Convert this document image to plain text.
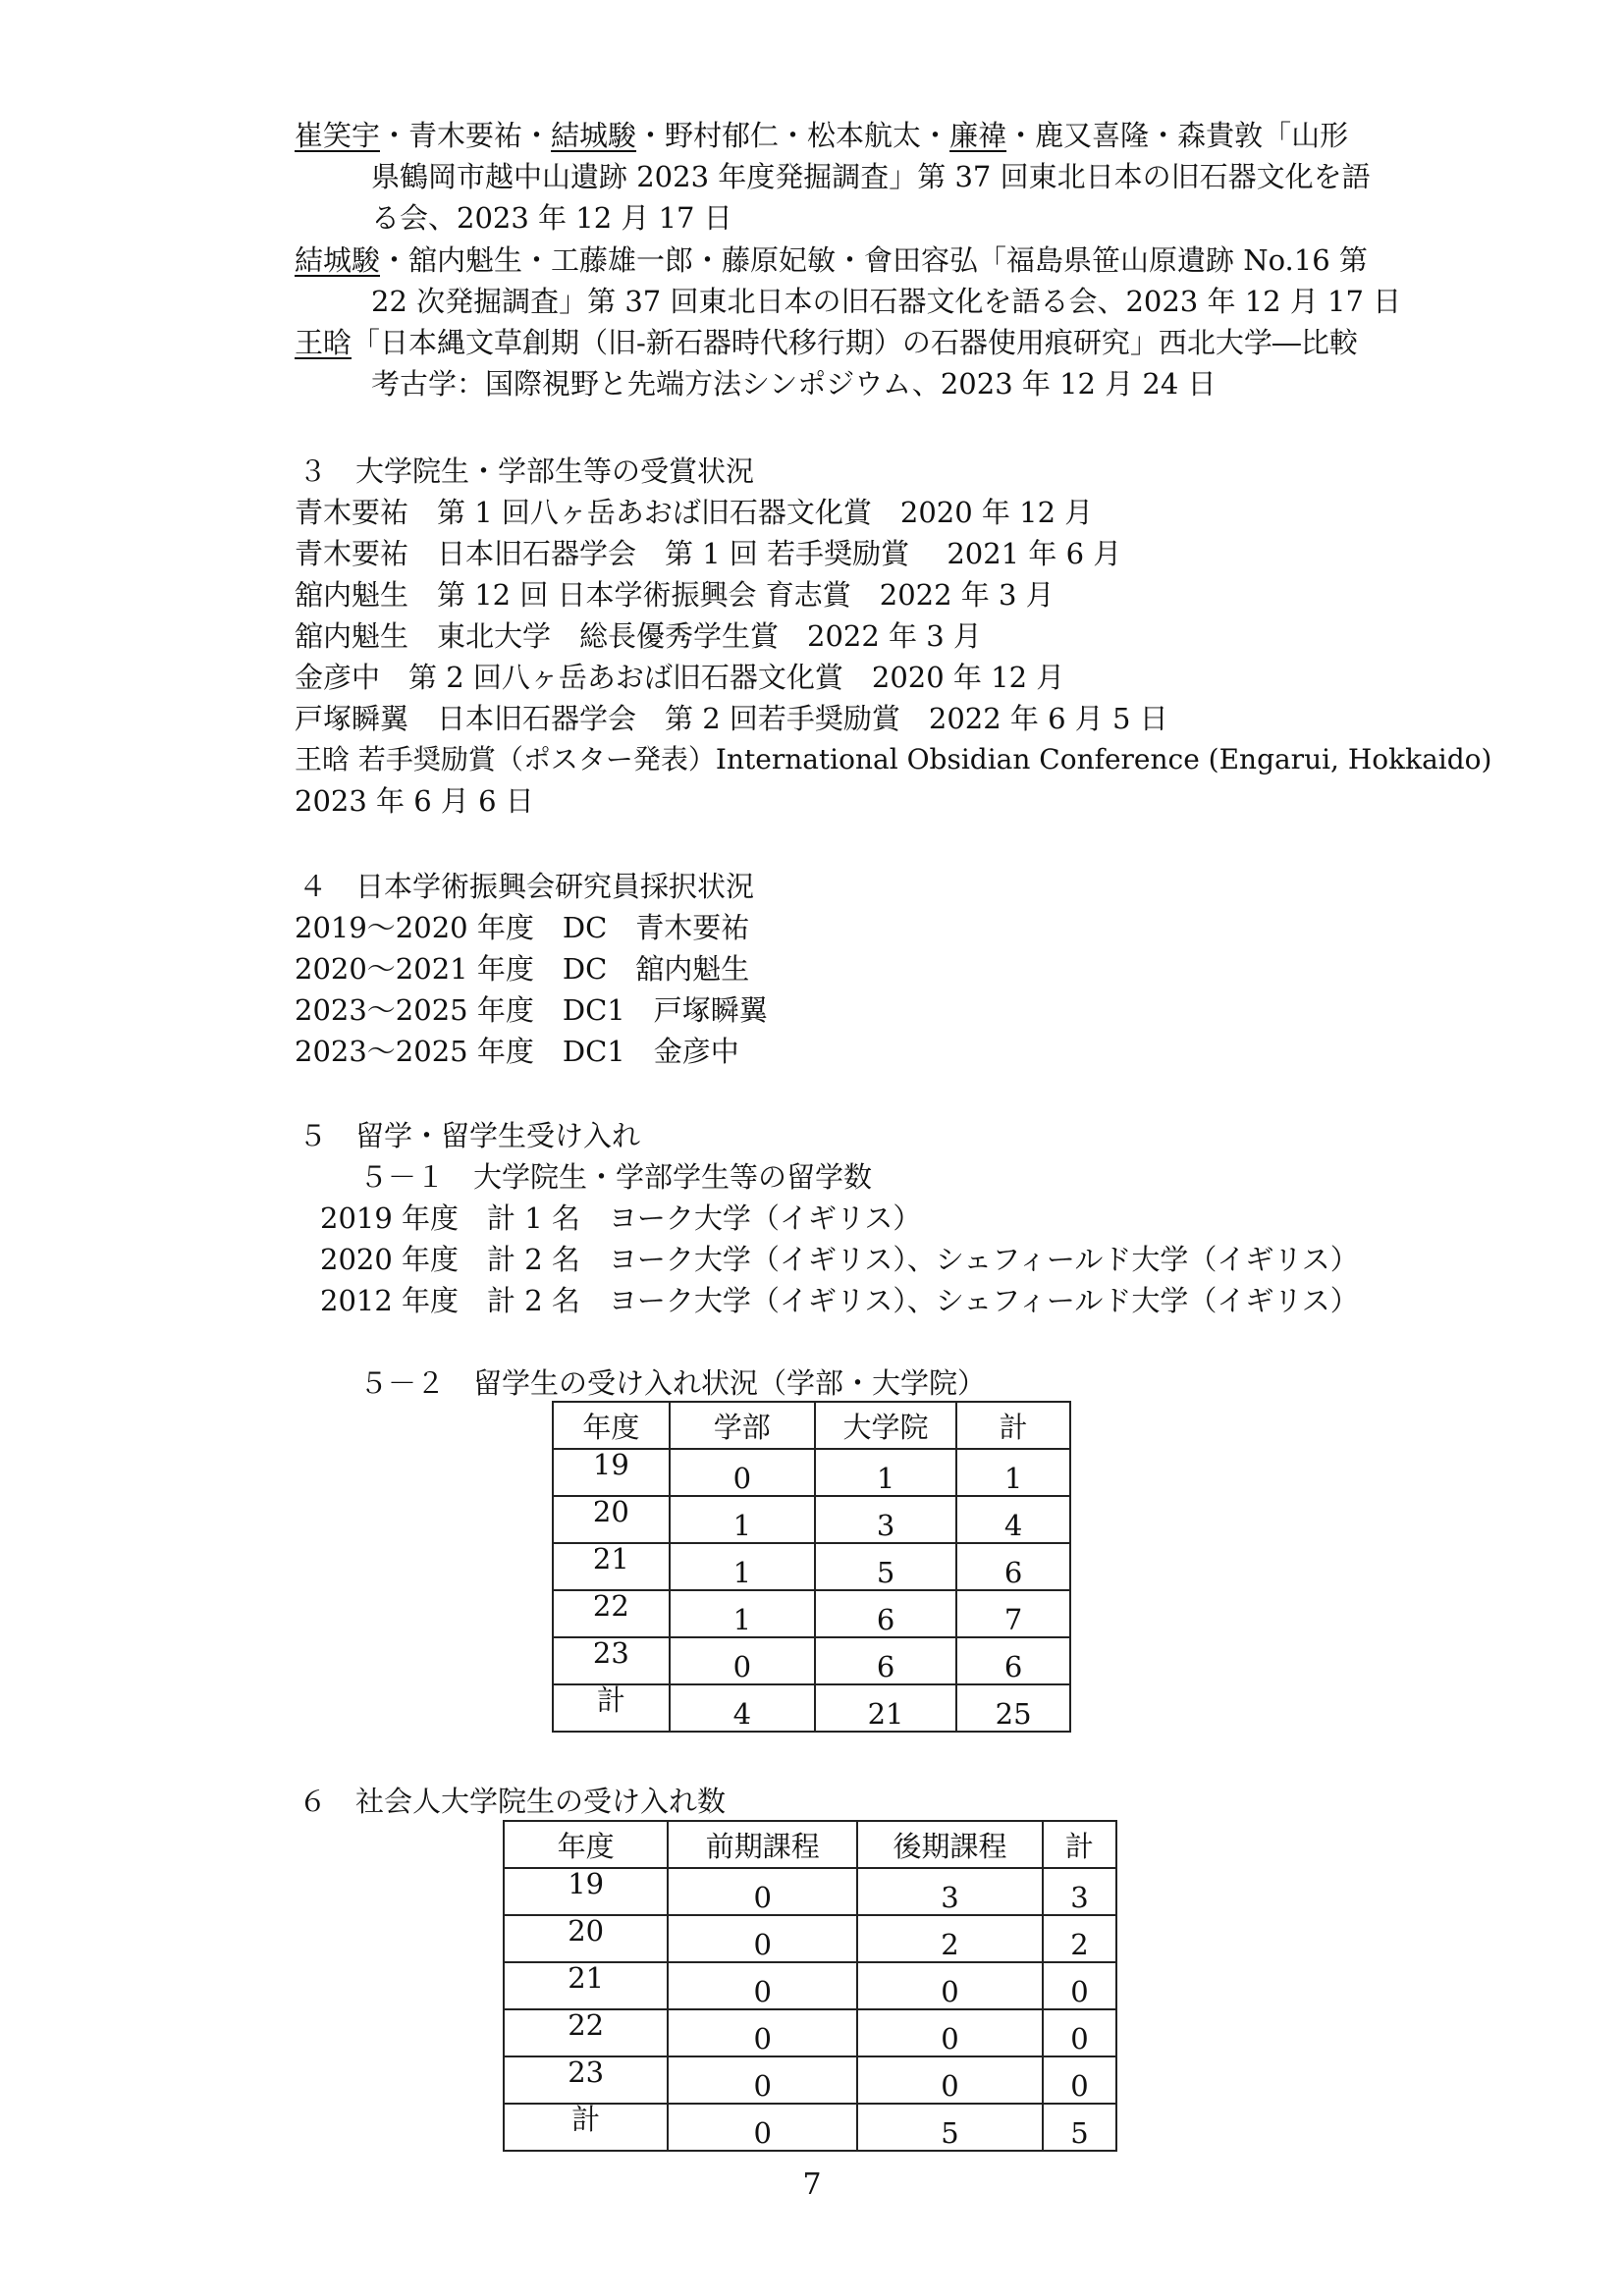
崔笑宇・青木要祐・結城駿・野村郁仁・松本航太・廉禕・鹿又喜隆・森貴敦「山形
県鶴岡市越中山遺跡 2023 年度発掘調査」第 37 回東北日本の旧石器文化を語
る会、2023 年 12 月 17 日
結城駿・舘内魁生・工藤雄一郎・藤原妃敏・會田容弘「福島県笹山原遺跡 No.16 第
22 次発掘調査」第 37 回東北日本の旧石器文化を語る会、2023 年 12 月 17 日
王晗「日本縄文草創期（旧-新石器時代移行期）の石器使用痕研究」西北大学―比較
考古学：国際視野と先端方法シンポジウム、2023 年 12 月 24 日
３　大学院生・学部生等の受賞状況
青木要祐　第 1 回八ヶ岳あおば旧石器文化賞　2020 年 12 月
青木要祐　日本旧石器学会　第 1 回 若手奨励賞　 2021 年 6 月
舘内魁生　第 12 回 日本学術振興会 育志賞　2022 年 3 月
舘内魁生　東北大学　総長優秀学生賞　2022 年 3 月
金彦中　第 2 回八ヶ岳あおば旧石器文化賞　2020 年 12 月
戸塚瞬翼　日本旧石器学会　第 2 回若手奨励賞　2022 年 6 月 5 日
王晗 若手奨励賞（ポスター発表）International Obsidian Conference (Engarui, Hokkaido)
2023 年 6 月 6 日
４　日本学術振興会研究員採択状況
2019～2020 年度　DC　青木要祐
2020～2021 年度　DC　舘内魁生
2023～2025 年度　DC1　戸塚瞬翼
2023～2025 年度　DC1　金彦中
５　留学・留学生受け入れ
５－１　大学院生・学部学生等の留学数
2019 年度　計 1 名　ヨーク大学（イギリス）
2020 年度　計 2 名　ヨーク大学（イギリス）、シェフィールド大学（イギリス）
2012 年度　計 2 名　ヨーク大学（イギリス）、シェフィールド大学（イギリス）
５－２　留学生の受け入れ状況（学部・大学院）
年度	学部	大学院	計
19	0	1	1
20	1	3	4
21	1	5	6
22	1	6	7
23	0	6	6
計	4	21	25
６　社会人大学院生の受け入れ数
年度	前期課程	後期課程	計
19	0	3	3
20	0	2	2
21	0	0	0
22	0	0	0
23	0	0	0
計	0	5	5
7
